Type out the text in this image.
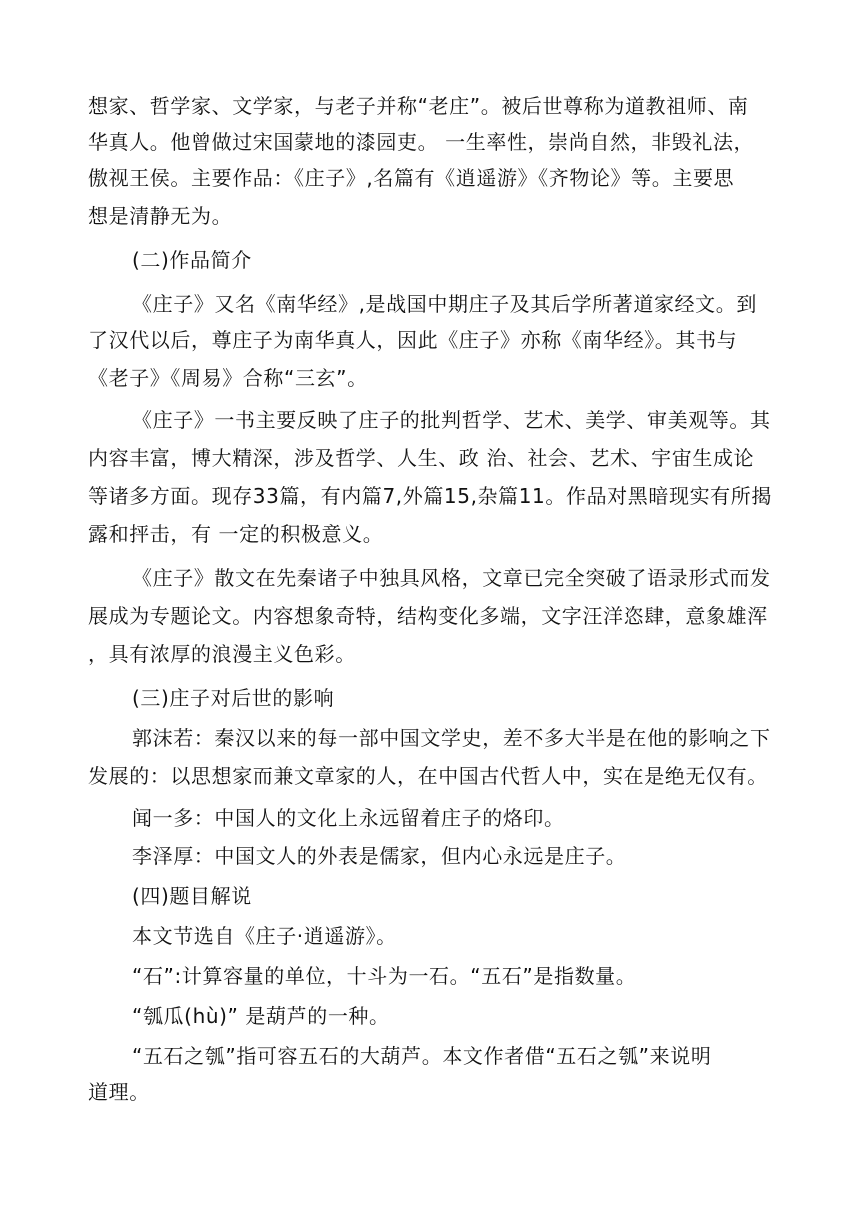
想家、哲学家、文学家，与老子并称“老庄”。被后世尊称为道教祖师、南
华真人。他曾做过宋国蒙地的漆园吏。 一生率性，崇尚自然，非毁礼法，
傲视王侯。主要作品：《庄子》,名篇有《逍遥游》《齐物论》等。主要思
想是清静无为。
(二)作品简介
《庄子》又名《南华经》,是战国中期庄子及其后学所著道家经文。到
了汉代以后，尊庄子为南华真人，因此《庄子》亦称《南华经》。其书与
《老子》《周易》合称“三玄”。
《庄子》一书主要反映了庄子的批判哲学、艺术、美学、审美观等。其
内容丰富，博大精深，涉及哲学、人生、政 治、社会、艺术、宇宙生成论
等诸多方面。现存33篇，有内篇7,外篇15,杂篇11。作品对黑暗现实有所揭
露和抨击，有 一定的积极意义。
《庄子》散文在先秦诸子中独具风格，文章已完全突破了语录形式而发
展成为专题论文。内容想象奇特，结构变化多端，文字汪洋恣肆，意象雄浑
，具有浓厚的浪漫主义色彩。
(三)庄子对后世的影响
郭沫若：秦汉以来的每一部中国文学史，差不多大半是在他的影响之下
发展的：以思想家而兼文章家的人，在中国古代哲人中，实在是绝无仅有。
闻一多：中国人的文化上永远留着庄子的烙印。
李泽厚：中国文人的外表是儒家，但内心永远是庄子。
(四)题目解说
本文节选自《庄子·逍遥游》。
“石”:计算容量的单位，十斗为一石。“五石”是指数量。
“瓠瓜(hù)” 是葫芦的一种。
“五石之瓠”指可容五石的大葫芦。本文作者借“五石之瓠”来说明
道理。
